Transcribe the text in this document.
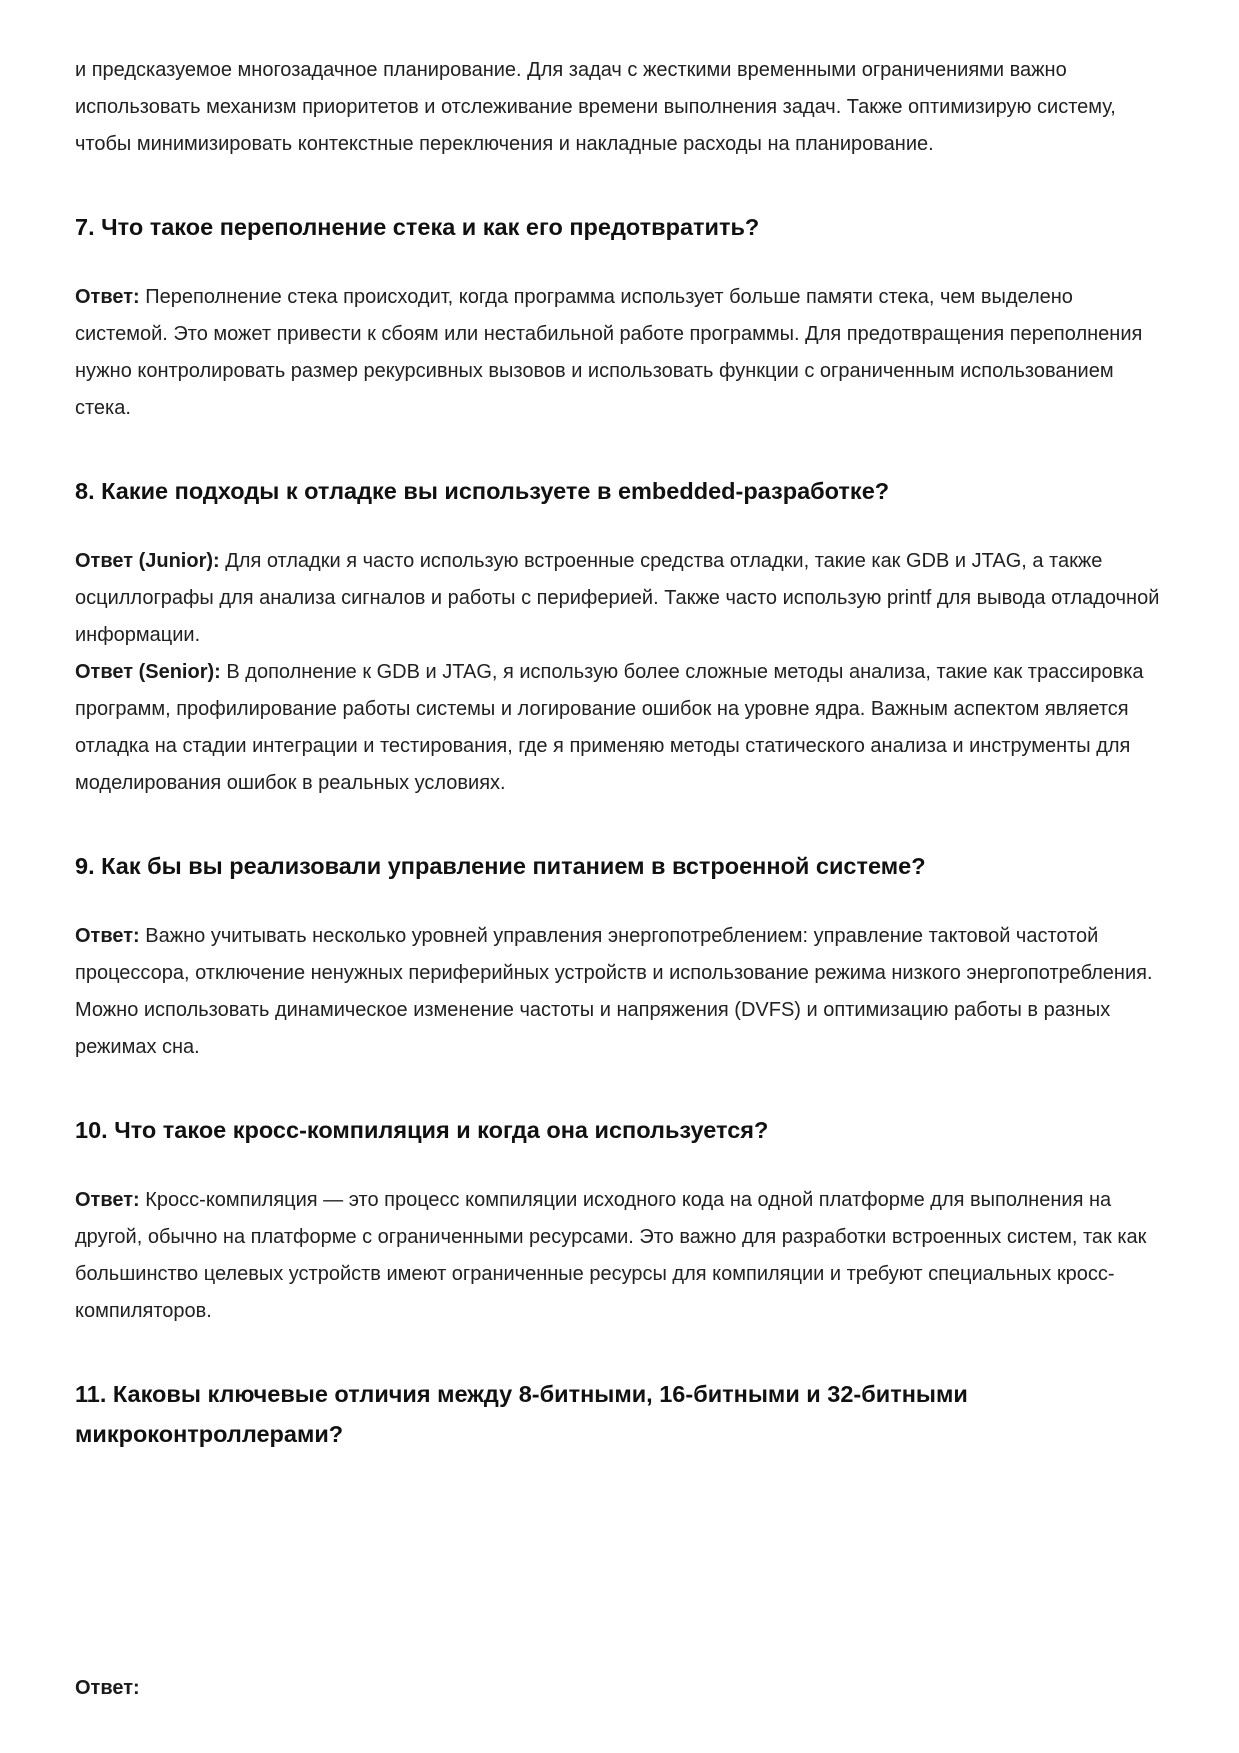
и предсказуемое многозадачное планирование. Для задач с жесткими временными ограничениями важно использовать механизм приоритетов и отслеживание времени выполнения задач. Также оптимизирую систему, чтобы минимизировать контекстные переключения и накладные расходы на планирование.

7. Что такое переполнение стека и как его предотвратить?

Ответ: Переполнение стека происходит, когда программа использует больше памяти стека, чем выделено системой. Это может привести к сбоям или нестабильной работе программы. Для предотвращения переполнения нужно контролировать размер рекурсивных вызовов и использовать функции с ограниченным использованием стека.

8. Какие подходы к отладке вы используете в embedded-разработке?

Ответ (Junior): Для отладки я часто использую встроенные средства отладки, такие как GDB и JTAG, а также осциллографы для анализа сигналов и работы с периферией. Также часто использую printf для вывода отладочной информации.

Ответ (Senior): В дополнение к GDB и JTAG, я использую более сложные методы анализа, такие как трассировка программ, профилирование работы системы и логирование ошибок на уровне ядра. Важным аспектом является отладка на стадии интеграции и тестирования, где я применяю методы статического анализа и инструменты для моделирования ошибок в реальных условиях.

9. Как бы вы реализовали управление питанием в встроенной системе?

Ответ: Важно учитывать несколько уровней управления энергопотреблением: управление тактовой частотой процессора, отключение ненужных периферийных устройств и использование режима низкого энергопотребления. Можно использовать динамическое изменение частоты и напряжения (DVFS) и оптимизацию работы в разных режимах сна.

10. Что такое кросс-компиляция и когда она используется?

Ответ: Кросс-компиляция — это процесс компиляции исходного кода на одной платформе для выполнения на другой, обычно на платформе с ограниченными ресурсами. Это важно для разработки встроенных систем, так как большинство целевых устройств имеют ограниченные ресурсы для компиляции и требуют специальных кросс-компиляторов.

11. Каковы ключевые отличия между 8-битными, 16-битными и 32-битными микроконтроллерами?

Ответ:
